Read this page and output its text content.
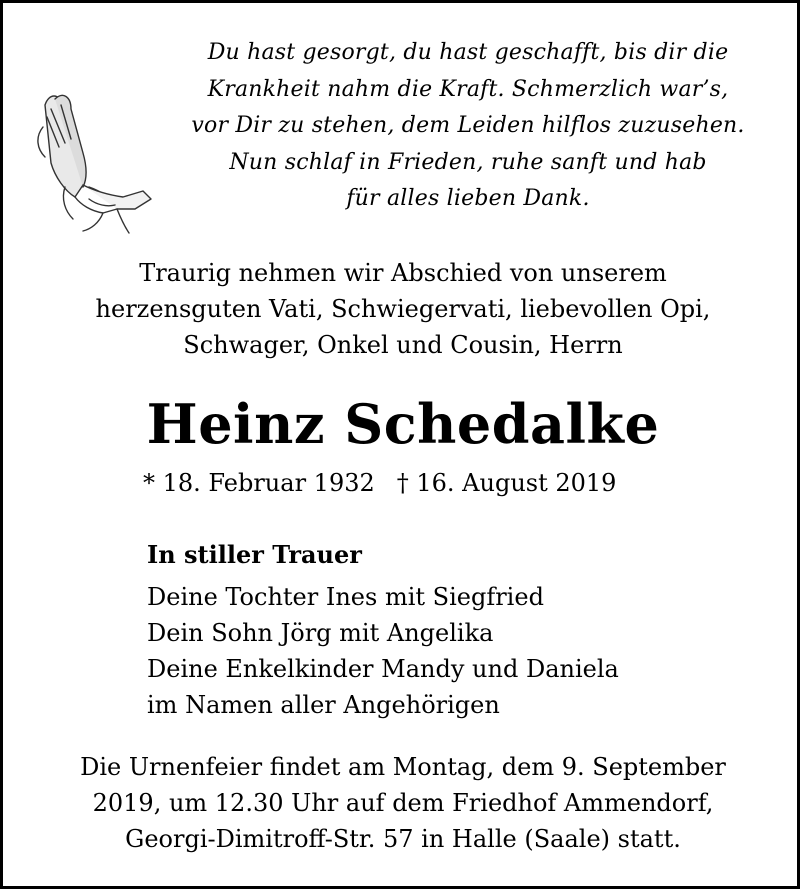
Du hast gesorgt, du hast geschafft, bis dir die
Krankheit nahm die Kraft. Schmerzlich war’s,
vor Dir zu stehen, dem Leiden hilflos zuzusehen.
Nun schlaf in Frieden, ruhe sanft und hab
für alles lieben Dank.
Traurig nehmen wir Abschied von unserem
herzensguten Vati, Schwiegervati, liebevollen Opi,
Schwager, Onkel und Cousin, Herrn
Heinz Schedalke
* 18. Februar 1932 † 16. August 2019
In stiller Trauer
Deine Tochter Ines mit Siegfried
Dein Sohn Jörg mit Angelika
Deine Enkelkinder Mandy und Daniela
im Namen aller Angehörigen
Die Urnenfeier findet am Montag, dem 9. September
2019, um 12.30 Uhr auf dem Friedhof Ammendorf,
Georgi-Dimitroff-Str. 57 in Halle (Saale) statt.
